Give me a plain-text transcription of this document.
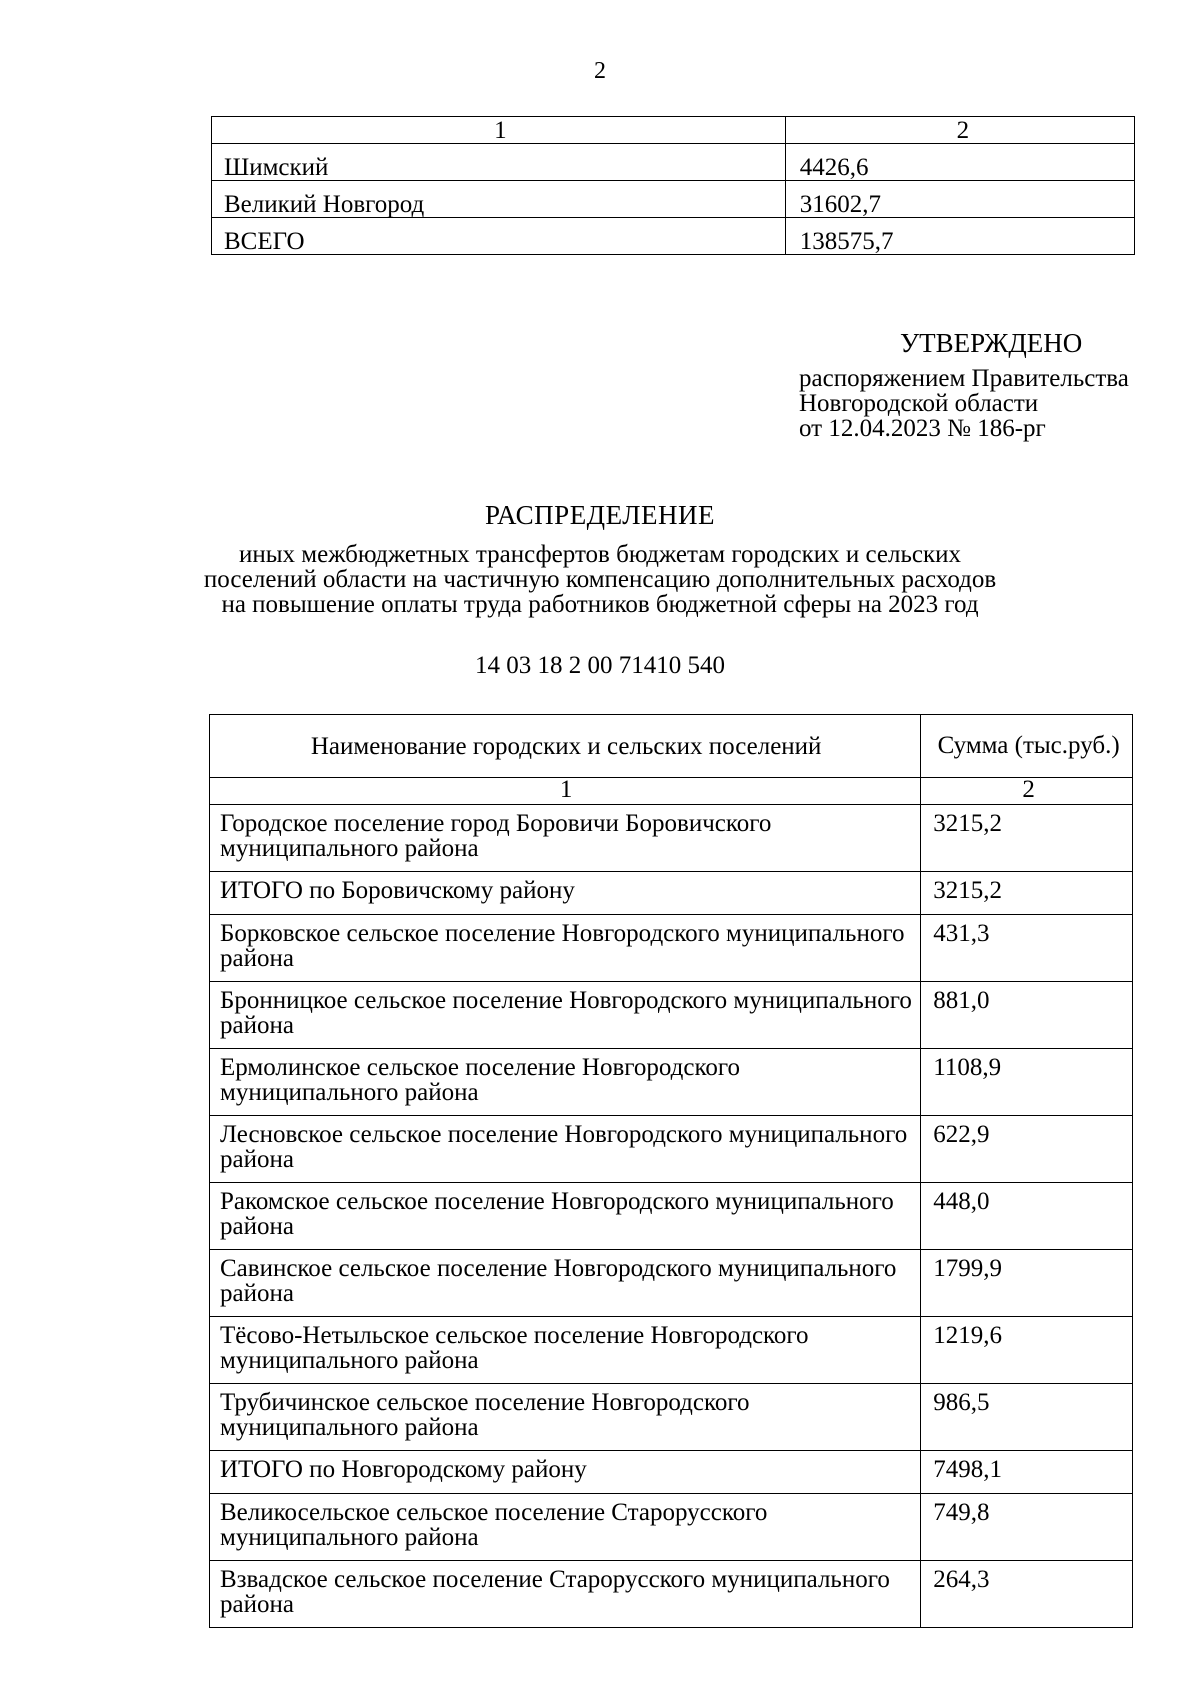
2
1	2
Шимский	4426,6
Великий Новгород	31602,7
ВСЕГО	138575,7
УТВЕРЖДЕНО
распоряжением Правительства
Новгородской области
от 12.04.2023 № 186-рг
РАСПРЕДЕЛЕНИЕ
иных межбюджетных трансфертов бюджетам городских и сельских поселений области на частичную компенсацию дополнительных расходов на повышение оплаты труда работников бюджетной сферы на 2023 год
14 03 18 2 00 71410 540
Наименование городских и сельских поселений	Сумма (тыс.руб.)
1	2
Городское поселение город Боровичи Боровичского муниципального района	3215,2
ИТОГО по Боровичскому району	3215,2
Борковское сельское поселение Новгородского муниципального района	431,3
Бронницкое сельское поселение Новгородского муниципального района	881,0
Ермолинское сельское поселение Новгородского муниципального района	1108,9
Лесновское сельское поселение Новгородского муниципального района	622,9
Ракомское сельское поселение Новгородского муниципального района	448,0
Савинское сельское поселение Новгородского муниципального района	1799,9
Тёсово-Нетыльское сельское поселение Новгородского муниципального района	1219,6
Трубичинское сельское поселение Новгородского муниципального района	986,5
ИТОГО по Новгородскому району	7498,1
Великосельское сельское поселение Старорусского муниципального района	749,8
Взвадское сельское поселение Старорусского муниципального района	264,3
